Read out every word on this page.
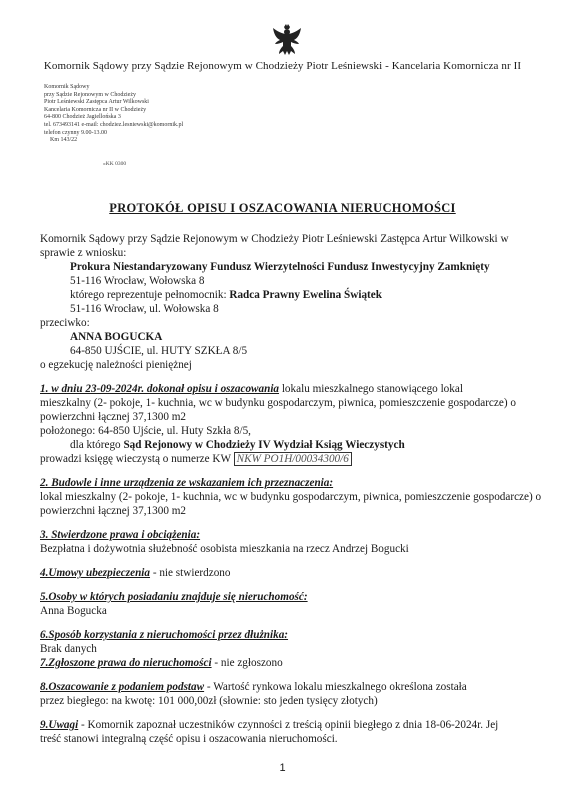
Komornik Sądowy przy Sądzie Rejonowym w Chodzieży Piotr Leśniewski - Kancelaria Komornicza nr II
Komornik Sądowy
przy Sądzie Rejonowym w Chodzieży
Piotr Leśniewski Zastępca Artur Wilkowski
Kancelaria Komornicza nr II w Chodzieży
64-800 Chodzież Jagiellońska 3
tel. 673493141 e-mail: chodziez.lesniewski@komornik.pl
telefon czynny 9.00-13.00
Km 143/22
»KK 0300
PROTOKÓŁ OPISU I OSZACOWANIA NIERUCHOMOŚCI
Komornik Sądowy przy Sądzie Rejonowym w Chodzieży Piotr Leśniewski Zastępca Artur Wilkowski w
sprawie z wniosku:
Prokura Niestandaryzowany Fundusz Wierzytelności Fundusz Inwestycyjny Zamknięty
51-116 Wrocław, Wołowska 8
którego reprezentuje pełnomocnik: Radca Prawny Ewelina Świątek
51-116 Wrocław, ul. Wołowska 8
przeciwko:
ANNA BOGUCKA
64-850 UJŚCIE, ul. HUTY SZKŁA 8/5
o egzekucję należności pieniężnej
1. w dniu 23-09-2024r. dokonał opisu i oszacowania lokalu mieszkalnego stanowiącego lokal
mieszkalny (2- pokoje, 1- kuchnia, wc w budynku gospodarczym, piwnica, pomieszczenie gospodarcze) o
powierzchni łącznej 37,1300 m2
położonego: 64-850 Ujście, ul. Huty Szkła 8/5,
dla którego Sąd Rejonowy w Chodzieży IV Wydział Ksiąg Wieczystych
prowadzi księgę wieczystą o numerze KW NKW PO1H/00034300/6
2. Budowle i inne urządzenia ze wskazaniem ich przeznaczenia:
lokal mieszkalny (2- pokoje, 1- kuchnia, wc w budynku gospodarczym, piwnica, pomieszczenie gospodarcze) o
powierzchni łącznej 37,1300 m2
3. Stwierdzone prawa i obciążenia:
Bezpłatna i dożywotnia służebność osobista mieszkania na rzecz Andrzej Bogucki
4.Umowy ubezpieczenia - nie stwierdzono
5.Osoby w których posiadaniu znajduje się nieruchomość:
Anna Bogucka
6.Sposób korzystania z nieruchomości przez dłużnika:
Brak danych
7.Zgłoszone prawa do nieruchomości - nie zgłoszono
8.Oszacowanie z podaniem podstaw - Wartość rynkowa lokalu mieszkalnego określona została
przez biegłego: na kwotę: 101 000,00zł (słownie: sto jeden tysięcy złotych)
9.Uwagi - Komornik zapoznał uczestników czynności z treścią opinii biegłego z dnia 18-06-2024r. Jej
treść stanowi integralną część opisu i oszacowania nieruchomości.
1
